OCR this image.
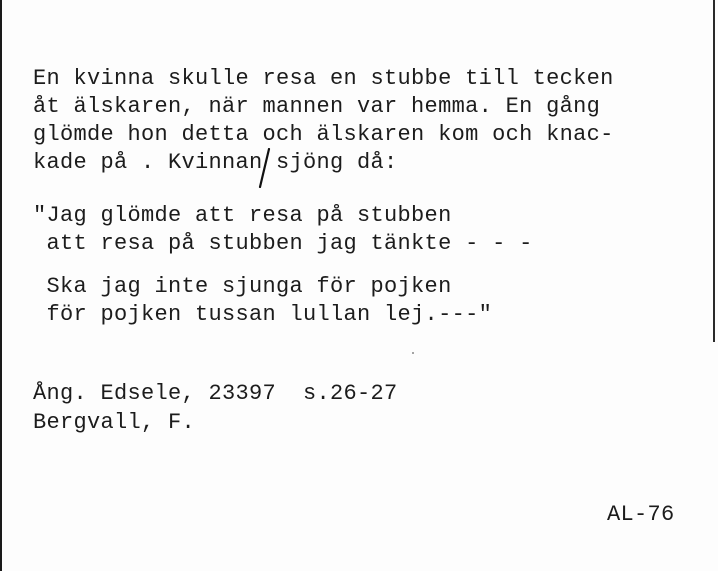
En kvinna skulle resa en stubbe till tecken
åt älskaren, när mannen var hemma. En gång
glömde hon detta och älskaren kom och knac-
kade på . Kvinnan sjöng då:
"Jag glömde att resa på stubben
att resa på stubben jag tänkte - - -
Ska jag inte sjunga för pojken
för pojken tussan lullan lej.---"
Ång. Edsele, 23397  s.26-27
Bergvall, F.
AL-76
